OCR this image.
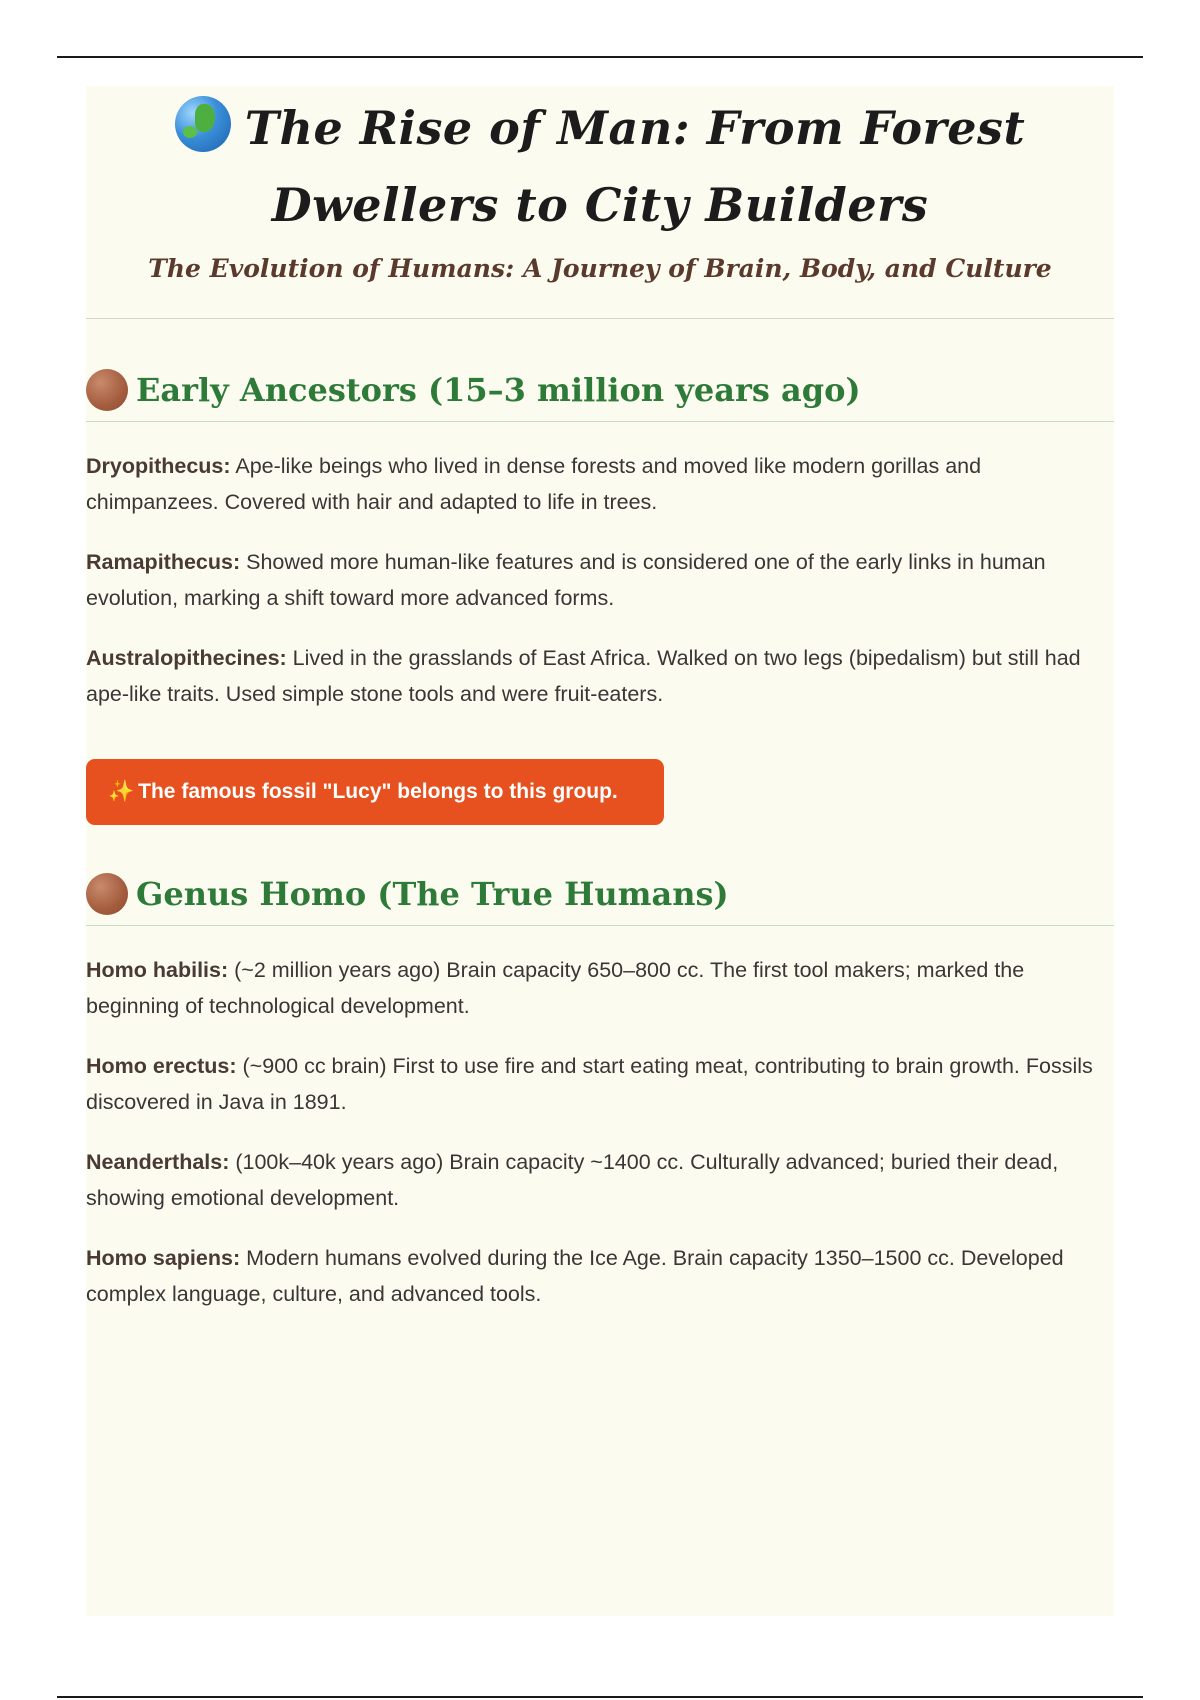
The Rise of Man: From Forest Dwellers to City Builders
The Evolution of Humans: A Journey of Brain, Body, and Culture
Early Ancestors (15–3 million years ago)

Dryopithecus: Ape-like beings who lived in dense forests and moved like modern gorillas and chimpanzees. Covered with hair and adapted to life in trees.

Ramapithecus: Showed more human-like features and is considered one of the early links in human evolution, marking a shift toward more advanced forms.

Australopithecines: Lived in the grasslands of East Africa. Walked on two legs (bipedalism) but still had ape-like traits. Used simple stone tools and were fruit-eaters.

✨ The famous fossil "Lucy" belongs to this group.
Genus Homo (The True Humans)

Homo habilis: (~2 million years ago) Brain capacity 650–800 cc. The first tool makers; marked the beginning of technological development.

Homo erectus: (~900 cc brain) First to use fire and start eating meat, contributing to brain growth. Fossils discovered in Java in 1891.

Neanderthals: (100k–40k years ago) Brain capacity ~1400 cc. Culturally advanced; buried their dead, showing emotional development.

Homo sapiens: Modern humans evolved during the Ice Age. Brain capacity 1350–1500 cc. Developed complex language, culture, and advanced tools.
